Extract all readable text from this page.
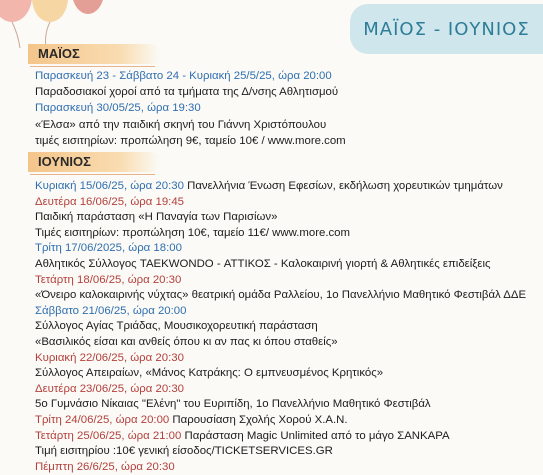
ΜΑΪΟΣ - ΙΟΥΝΙΟΣ
ΜΑΪΟΣ
Παρασκευή 23 - Σάββατο 24 - Κυριακή 25/5/25, ώρα 20:00
Παραδοσιακοί χοροί από τα τμήματα της Δ/νσης Αθλητισμού
Παρασκευή 30/05/25, ώρα 19:30
«Έλσα» από την παιδική σκηνή του Γιάννη Χριστόπουλου
τιμές εισιτηρίων: προπώληση 9€, ταμείο 10€ / www.more.com
ΙΟΥΝΙΟΣ
Κυριακή 15/06/25, ώρα 20:30 Πανελλήνια Ένωση Εφεσίων, εκδήλωση χορευτικών τμημάτων
Δευτέρα 16/06/25, ώρα 19:45
Παιδική παράσταση «Η Παναγία των Παρισίων»
Τιμές εισιτηρίων: προπώληση 10€, ταμείο 11€/ www.more.com
Τρίτη 17/06/2025, ώρα 18:00
Αθλητικός Σύλλογος TAEKWONDO - ΑΤΤΙΚΟΣ - Καλοκαιρινή γιορτή & Αθλητικές επιδείξεις
Τετάρτη 18/06/25, ώρα 20:30
«Όνειρο καλοκαιρινής νύχτας» θεατρική ομάδα Ραλλείου, 1ο Πανελλήνιο Μαθητικό Φεστιβάλ ΔΔΕ
Σάββατο 21/06/25, ώρα 20:00
Σύλλογος Αγίας Τριάδας, Μουσικοχορευτική παράσταση
«Βασιλικός είσαι και ανθείς όπου κι αν πας κι όπου σταθείς»
Κυριακή 22/06/25, ώρα 20:30
Σύλλογος Απειραίων, «Μάνος Κατράκης: Ο εμπνευσμένος Κρητικός»
Δευτέρα 23/06/25, ώρα 20:30
5ο Γυμνάσιο Νίκαιας "Ελένη" του Ευριπίδη, 1ο Πανελλήνιο Μαθητικό Φεστιβάλ
Τρίτη 24/06/25, ώρα 20:00 Παρουσίαση Σχολής Χορού Χ.Α.Ν.
Τετάρτη 25/06/25, ώρα 21:00 Παράσταση Magic Unlimited από το μάγο ΣΑΝΚΑΡΑ
Τιμή εισιτηρίου :10€ γενική είσοδος/TICKETSERVICES.GR
Πέμπτη 26/6/25, ώρα 20:30
